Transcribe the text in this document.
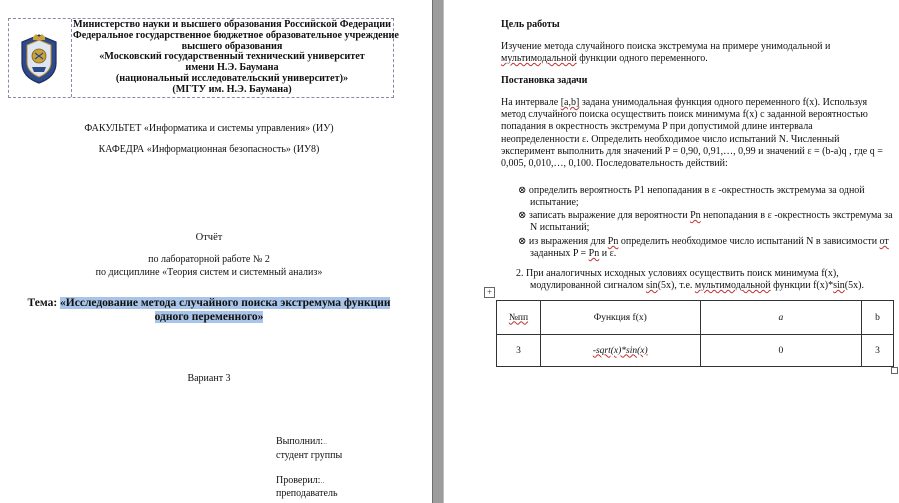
Министерство науки и высшего образования Российской Федерации
Федеральное государственное бюджетное образовательное учреждение
высшего образования
«Московский государственный технический университет
имени Н.Э. Баумана
(национальный исследовательский университет)»
(МГТУ им. Н.Э. Баумана)
ФАКУЛЬТЕТ «Информатика и системы управления» (ИУ)
КАФЕДРА «Информационная безопасность» (ИУ8)
Отчёт
по лабораторной работе № 2
по дисциплине «Теория систем и системный анализ»
Тема: «Исследование метода случайного поиска экстремума функции
одного переменного»
Вариант 3
Выполнил:..
студент группы
Проверил:..
преподаватель
Цель работы
Изучение метода случайного поиска экстремума на примере унимодальной и мультимодальной функции одного переменного.
Постановка задачи
На интервале [a,b] задана унимодальная функция одного переменного f(x). Используя метод случайного поиска осуществить поиск минимума f(x) с заданной вероятностью попадания в окрестность экстремума P при допустимой длине интервала неопределенности ε. Определить необходимое число испытаний N. Численный эксперимент выполнить для значений P = 0,90, 0,91,…, 0,99 и значений ε = (b-a)q , где q = 0,005, 0,010,…, 0,100. Последовательность действий:
⊗ определить вероятность P1 непопадания в ε -окрестность экстремума за одной испытание;
⊗ записать выражение для вероятности Pn непопадания в ε -окрестность экстремума за N испытаний;
⊗ из выражения для Pn определить необходимое число испытаний N в зависимости от заданных P = Pn и ε.
2. При аналогичных исходных условиях осуществить поиск минимума f(x), модулированной сигналом sin(5x), т.е. мультимодальной функции f(x)*sin(5x).
+
№пп	Функция f(x)	a	b
3	-sqrt(x)*sin(x)	0	3
